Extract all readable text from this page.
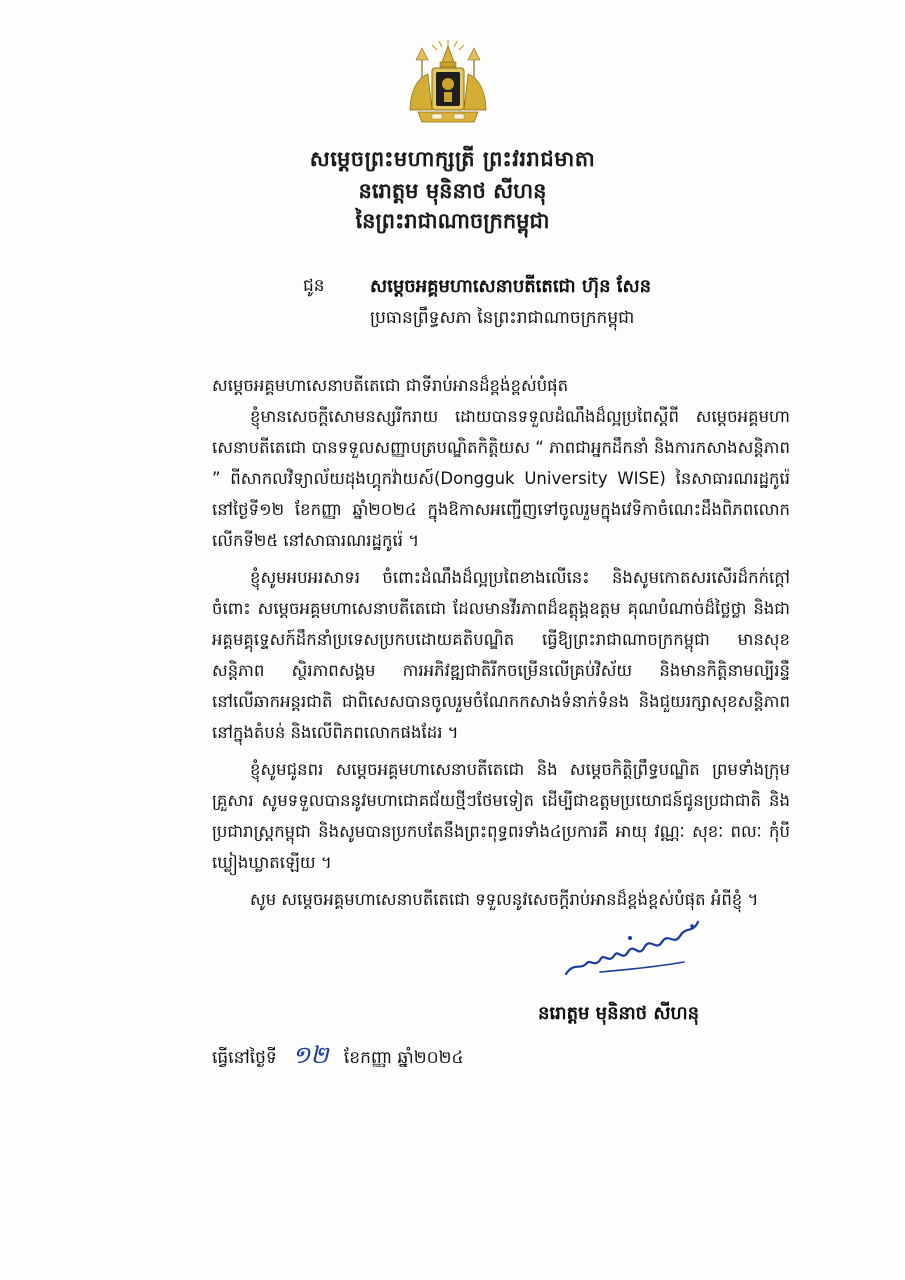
សម្តេចព្រះមហាក្សត្រី ព្រះវររាជមាតា
នរោត្តម មុនិនាថ សីហនុ
នៃព្រះរាជាណាចក្រកម្ពុជា
ជូន	សម្តេចអគ្គមហាសេនាបតីតេជោ ហ៊ុន សែន
ប្រធានព្រឹទ្ធសភា នៃព្រះរាជាណាចក្រកម្ពុជា

សម្តេចអគ្គមហាសេនាបតីតេជោ ជាទីរាប់អានដ៏ខ្ពង់ខ្ពស់បំផុត

ខ្ញុំមានសេចក្តីសោមនស្សរីករាយ ដោយបានទទួលដំណឹងដ៏ល្អប្រពៃស្តីពី សម្តេចអគ្គមហាសេនាបតីតេជោ បានទទួលសញ្ញាបត្របណ្ឌិតកិត្តិយស “ ភាពជាអ្នកដឹកនាំ និងការកសាងសន្តិភាព ” ពីសាកលវិទ្យាល័យដុងហ្គុកវ៉ាយស៍(Dongguk University WISE) នៃសាធារណរដ្ឋកូរ៉េ នៅថ្ងៃទី១២ ខែកញ្ញា ឆ្នាំ២០២៤ ក្នុងឱកាសអញ្ជើញទៅចូលរួមក្នុងវេទិកាចំណេះដឹងពិភពលោក លើកទី២៥ នៅសាធារណរដ្ឋកូរ៉េ ។

ខ្ញុំសូមអបអរសាទរ ចំពោះដំណឹងដ៏ល្អប្រពៃខាងលើនេះ និងសូមកោតសរសើរដ៏កក់ក្តៅចំពោះ សម្តេចអគ្គមហាសេនាបតីតេជោ ដែលមានវីរភាពដ៏ឧត្តុង្គឧត្តម គុណបំណាច់ដ៏ថ្លៃថ្លា និងជាអគ្គមគ្គុទ្ទេសក៍ដឹកនាំប្រទេសប្រកបដោយគតិបណ្ឌិត ធ្វើឱ្យព្រះរាជាណាចក្រកម្ពុជា មានសុខសន្តិភាព ស្ថិរភាពសង្គម ការអភិវឌ្ឍជាតិរីកចម្រើនលើគ្រប់វិស័យ និងមានកិត្តិនាមល្បីរន្ទឺនៅលើឆាកអន្តរជាតិ ជាពិសេសបានចូលរួមចំណែកកសាងទំនាក់ទំនង និងជួយរក្សាសុខសន្តិភាព នៅក្នុងតំបន់ និងលើពិភពលោកផងដែរ ។

ខ្ញុំសូមជូនពរ សម្តេចអគ្គមហាសេនាបតីតេជោ និង សម្តេចកិត្តិព្រឹទ្ធបណ្ឌិត ព្រមទាំងក្រុមគ្រួសារ សូមទទួលបាននូវមហាជោគជ័យថ្មីៗថែមទៀត ដើម្បីជាឧត្តមប្រយោជន៍ជូនប្រជាជាតិ និងប្រជារាស្ត្រកម្ពុជា និងសូមបានប្រកបតែនឹងព្រះពុទ្ធពរទាំង៤ប្រការគឺ អាយុ វណ្ណៈ សុខៈ ពលៈ កុំបីឃ្លៀងឃ្លាតឡើយ ។

សូម សម្តេចអគ្គមហាសេនាបតីតេជោ ទទួលនូវសេចក្តីរាប់អានដ៏ខ្ពង់ខ្ពស់បំផុត អំពីខ្ញុំ ។

នរោត្តម មុនិនាថ សីហនុ
ធ្វើនៅថ្ងៃទី ១២ ខែកញ្ញា ឆ្នាំ២០២៤
